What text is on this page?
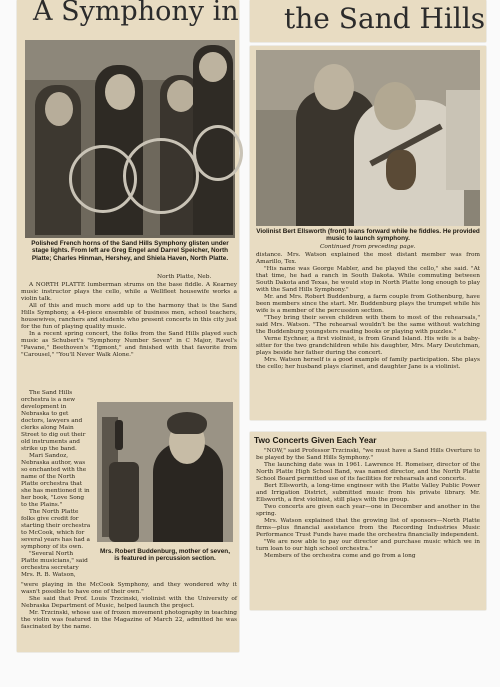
A Symphony in
Polished French horns of the Sand Hills Symphony glisten under stage lights. From left are Greg Engel and Darrel Speicher, North Platte; Charles Hinman, Hershey, and Shiela Haven, North Platte.
North Platte, Neb.

A NORTH PLATTE lumberman strums on the base fiddle. A Kearney music instructor plays the cello, while a Wellfleet housewife works a violin talk.

All of this and much more add up to the harmony that is the Sand Hills Symphony, a 44-piece ensemble of business men, school teachers, housewives, ranchers and students who present concerts in this city just for the fun of playing quality music.

In a recent spring concert, the folks from the Sand Hills played such music as Schubert's "Symphony Number Seven" in C Major, Ravel's "Pavane," Beethoven's "Egmont," and finished with that favorite from "Carousel," "You'll Never Walk Alone."

The Sand Hills orchestra is a new development in Nebraska to get doctors, lawyers and clerks along Main Street to dig out their old instruments and strike up the band.

Mari Sandoz, Nebraska author, was so enchanted with the name of the North Platte orchestra that she has mentioned it in her book, "Love Song to the Plains."

The North Platte folks give credit for starting their orchestra to McCook, which for several years has had a symphony of its own.

"Several North Platte musicians," said orchestra secretary Mrs. R. B. Watson,

Mrs. Robert Buddenburg, mother of seven, is featured in percussion section.

"were playing in the McCook Symphony, and they wondered why it wasn't possible to have one of their own."

She said that Prof. Louis Trzcinski, violinist with the University of Nebraska Department of Music, helped launch the project.

Mr. Trzcinski, whose use of frozen movement photography in teaching the violin was featured in the Magazine of March 22, admitted he was fascinated by the name.

the Sand Hills
Violinist Bert Ellsworth (front) leans forward while he fiddles. He provided music to launch symphony.
Continued from preceding page.

distance. Mrs. Watson explained the most distant member was from Amarillo, Tex.

"His name was George Mabler, and he played the cello," she said. "At that time, he had a ranch in South Dakota. While commuting between South Dakota and Texas, he would stop in North Platte long enough to play with the Sand Hills Symphony."

Mr. and Mrs. Robert Buddenburg, a farm couple from Gothenburg, have been members since the start. Mr. Buddenburg plays the trumpet while his wife is a member of the percussion section.

"They bring their seven children with them to most of the rehearsals," said Mrs. Watson. "The rehearsal wouldn't be the same without watching the Buddenburg youngsters reading books or playing with puzzles."

Verne Eychner, a first violinist, is from Grand Island. His wife is a baby-sitter for the two grandchildren while his daughter, Mrs. Mary Deutchman, plays beside her father during the concert.

Mrs. Watson herself is a good example of family participation. She plays the cello; her husband plays clarinet, and daughter Jane is a violinist.

Two Concerts Given Each Year

"NOW," said Professor Trzcinski, "we must have a Sand Hills Overture to be played by the Sand Hills Symphony."

The launching date was in 1961. Lawrence H. Romeiser, director of the North Platte High School Band, was named director, and the North Platte School Board permitted use of its facilities for rehearsals and concerts.

Bert Ellsworth, a long-time engineer with the Platte Valley Public Power and Irrigation District, submitted music from his private library. Mr. Ellsworth, a first violinist, still plays with the group.

Two concerts are given each year—one in December and another in the spring.

Mrs. Watson explained that the growing list of sponsors—North Platte firms—plus financial assistance from the Recording Industries Music Performance Trust Funds have made the orchestra financially independent.

"We are now able to pay our director and purchase music which we in turn loan to our high school orchestra."

Members of the orchestra come and go from a long
